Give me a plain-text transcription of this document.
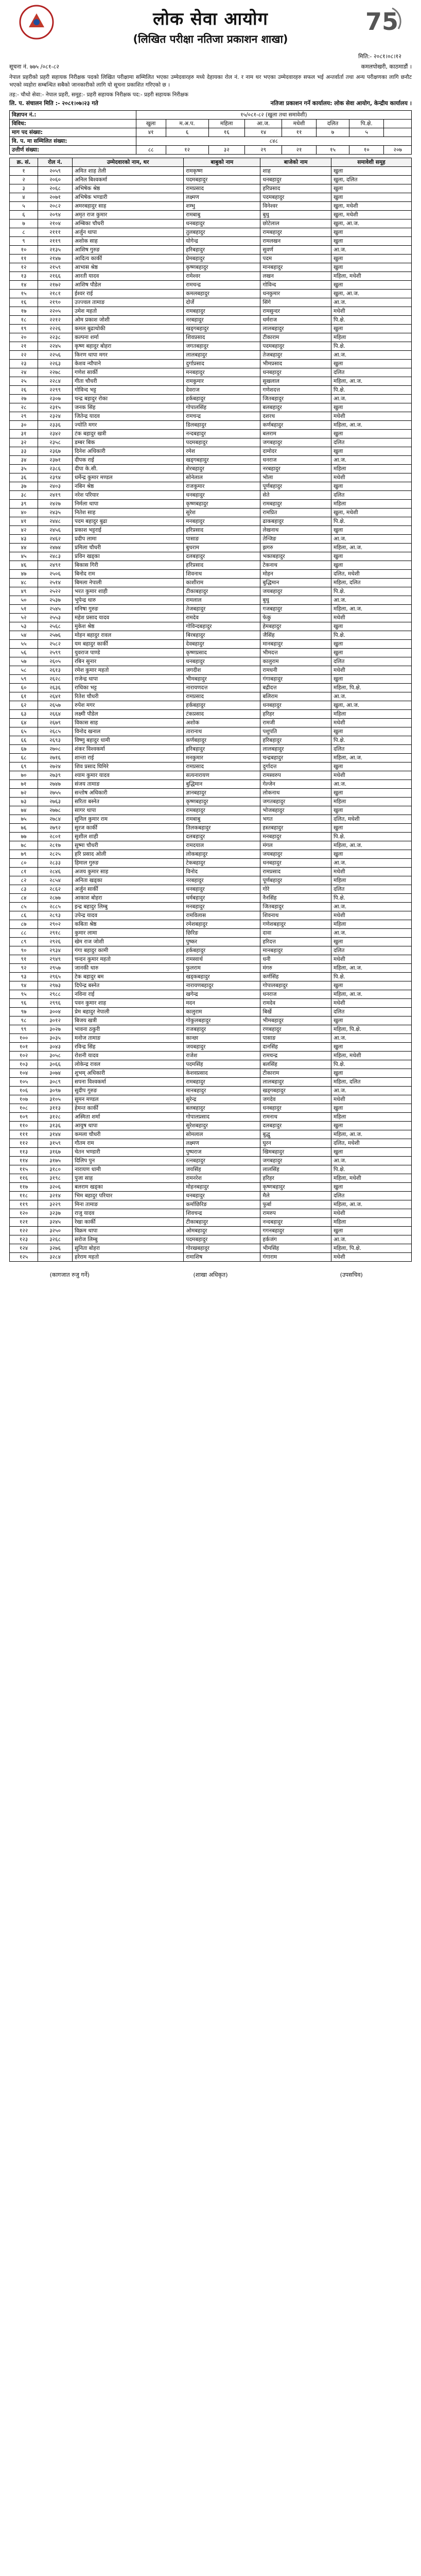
लोक सेवा आयोग

(लिखित परीक्षा नतिजा प्रकाशन शाखा)

75
मिति:- २०८१।०८।१२
सूचना नं. ७७५ /०८१-८२	कमलपोखरी, काठमाडौं ।

नेपाल प्रहरीको प्रहरी सहायक निरीक्षक पदको लिखित परीक्षामा सम्मिलित भएका उम्मेदवारहरु मध्ये देहायका रोल नं. र नाम थर भएका उम्मेदवारहरु सफल भई अन्तर्वार्ता तथा अन्य परीक्षणका लागि छनौट भएको व्यहोरा सम्बन्धित सबैको जानकारीको लागि यो सूचना प्रकाशित गरिएको छ ।

तह:- चौथो सेवा:- नेपाल प्रहरी, समूह:- प्रहरी सहायक निरीक्षक पद:- प्रहरी सहायक निरीक्षक

लि. प. संचालन मिति :- २०८१।०७।२३ गते	नतिजा प्रकाशन गर्ने कार्यालय: लोक सेवा आयोग, केन्द्रीय कार्यालय ।
विज्ञापन नं.:	१५/०८१-८२ (खुला तथा समावेशी)							
विविध:	खुला	म.अ.प.	महिला	आ.ज.	मधेशी	दलित	पि.क्षे.	
माग पद संख्या:	४१	६	१६	१४	११	७	५	
वि. प. मा सम्मिलित संख्या:	८४८							
उत्तीर्ण संख्या:	८८	१२	३२	२९	२१	१५	१०	२०७
क्र. सं.	रोल नं.	उम्मेदवारको नाम, थर	बाबुको नाम	बाजेको नाम	समावेशी समूह
१	२०५९	अमित शाह तेली	रामकृष्ण	शाह	खुला
२	२०६०	अनिल बिश्वकर्मा	पदमबहादुर	धनबहादुर	खुला, दलित
३	२०६८	अभिषेक श्रेष्ठ	रामप्रसाद	हरिप्रसाद	खुला
४	२०७१	अभिषेक भण्डारी	लक्ष्मण	पदमबहादुर	खुला
५	२०८२	अमरबहादुर साह	शम्भु	विनेश्वर	खुला, मधेशी
६	२०९४	अमृत राज कुमार	रामबाबु	बुधु	खुला, मधेशी
७	२१०४	अम्बिका चौधरी	धनबहादुर	छोटेलाल	खुला, आ.ज.
८	२१११	अर्जुन थापा	तुलबहादुर	रामबहादुर	खुला
९	२११९	अशोक साह	योगेन्द्र	रामलखन	खुला
१०	२१३५	आशिष गुरुङ	हरिबहादुर	सुवर्ण	आ.ज.
११	२१४७	आदित्य कार्की	प्रेमबहादुर	पदम	खुला
१२	२१५९	आभास श्रेष्ठ	कृष्णबहादुर	मानबहादुर	खुला
१३	२१६६	आरती यादव	रामेश्वर	लखन	महिला, मधेशी
१४	२१७२	आशिष पौडेल	रामचन्द्र	गोविन्द	खुला
१५	२१८१	ईश्वर राई	कमलबहादुर	धनकुमार	खुला, आ.ज.
१६	२१९०	उज्ज्वल तामाङ	दोर्जे	सिंगे	आ.ज.
१७	२२०५	उमेश महतो	रामबहादुर	रामसुन्दर	मधेशी
१८	२२१२	ओम प्रकाश जोशी	नरबहादुर	धर्मराज	पि.क्षे.
१९	२२२६	कमल बुढाथोकी	खड्गबहादुर	लालबहादुर	खुला
२०	२२३८	कल्पना शर्मा	शिवप्रसाद	टीकाराम	महिला
२१	२२४५	कृष्ण बहादुर बोहरा	जगतबहादुर	पदमबहादुर	पि.क्षे.
२२	२२५६	किरण थापा मगर	लालबहादुर	तेजबहादुर	आ.ज.
२३	२२६३	केशव न्यौपाने	दुर्गाप्रसाद	भीमप्रसाद	खुला
२४	२२७८	गणेश सार्की	मनबहादुर	धनबहादुर	दलित
२५	२२८४	गीता चौधरी	रामकुमार	सुखलाल	महिला, आ.ज.
२६	२२९९	गोविन्द भट्ट	देवराज	गणेशदत्त	पि.क्षे.
२७	२३०७	चन्द्र बहादुर रोका	हर्कबहादुर	जितबहादुर	आ.ज.
२८	२३१५	जनक सिंह	गोपालसिंह	बलबहादुर	खुला
२९	२३२४	जितेन्द्र यादव	रामचन्द्र	दशरथ	मधेशी
३०	२३३६	ज्योति मगर	डिलबहादुर	कर्णबहादुर	महिला, आ.ज.
३१	२३४२	टंक बहादुर खत्री	नन्दबहादुर	बलराम	खुला
३२	२३५८	डम्बर बिक	पदमबहादुर	जगबहादुर	दलित
३३	२३६७	दिनेश अधिकारी	रमेश	दामोदर	खुला
३४	२३७१	दीपक राई	खड्गबहादुर	धनराज	आ.ज.
३५	२३८६	दीपा के.सी.	शेरबहादुर	नरबहादुर	महिला
३६	२३९४	धर्मेन्द्र कुमार मण्डल	सोनेलाल	भोला	मधेशी
३७	२४०३	नबिन श्रेष्ठ	राजकुमार	पूर्णबहादुर	खुला
३८	२४१९	नरेश परियार	धनबहादुर	सेते	दलित
३९	२४२७	निर्मला थापा	कृष्णबहादुर	रामबहादुर	महिला
४०	२४३५	नितेश साह	सुरेश	रामप्रित	खुला, मधेशी
४१	२४४८	पदम बहादुर बुढा	मनबहादुर	ढाकबहादुर	पि.क्षे.
४२	२४५६	प्रकाश भट्टराई	हरिप्रसाद	लेखनाथ	खुला
४३	२४६२	प्रदीप लामा	पासाङ	तेन्जिङ	आ.ज.
४४	२४७४	प्रमिला चौधरी	बुधराम	झगरु	महिला, आ.ज.
४५	२४८३	प्रविन खड्का	दलबहादुर	भक्तबहादुर	खुला
४६	२४९१	बिकास गिरी	हरिप्रसाद	टेकनाथ	खुला
४७	२५०६	बिनोद राम	शिवनाथ	मोहन	दलित, मधेशी
४८	२५१४	बिमला नेपाली	काशीराम	बुद्धिमान	महिला, दलित
४९	२५२२	भरत कुमार शाही	टीकाबहादुर	जयबहादुर	पि.क्षे.
५०	२५३७	भुपेन्द्र थारु	रामलाल	बुधु	आ.ज.
५१	२५४५	मनिषा गुरुङ	तेजबहादुर	गजबहादुर	महिला, आ.ज.
५२	२५५३	महेश प्रसाद यादव	रामदेव	फेकु	मधेशी
५३	२५६८	मुकेश श्रेष्ठ	गोविन्दबहादुर	हेमबहादुर	खुला
५४	२५७६	मोहन बहादुर रावल	बिरबहादुर	जैसिंह	पि.क्षे.
५५	२५८२	यम बहादुर कार्की	देवबहादुर	मानबहादुर	खुला
५६	२५९९	युवराज पाण्डे	कृष्णप्रसाद	भीमदत्त	खुला
५७	२६०५	रबिन सुनार	धनबहादुर	कालुराम	दलित
५८	२६१३	रमेश कुमार महतो	जगदीश	रामधनी	मधेशी
५९	२६२८	राजेन्द्र थापा	भीमबहादुर	गंगाबहादुर	खुला
६०	२६३६	राधिका भट्ट	नारायणदत्त	बद्रीदत्त	महिला, पि.क्षे.
६१	२६४१	रितेश चौधरी	रामप्रसाद	बलिराम	आ.ज.
६२	२६५७	रुपेश मगर	हर्कबहादुर	धनबहादुर	खुला, आ.ज.
६३	२६६४	लक्ष्मी पौडेल	टंकप्रसाद	हरिहर	महिला
६४	२६७९	विकास साह	अशोक	रामजी	मधेशी
६५	२६८५	विनोद खनाल	तारानाथ	पशुपति	खुला
६६	२६९३	विष्णु बहादुर धामी	कर्णबहादुर	हरिबहादुर	पि.क्षे.
६७	२७०८	शंकर विश्वकर्मा	हरिबहादुर	लालबहादुर	दलित
६८	२७१६	शान्ता राई	मनकुमार	चन्द्रबहादुर	महिला, आ.ज.
६९	२७२४	शिव प्रसाद घिमिरे	रामप्रसाद	दुर्गादत्त	खुला
७०	२७३९	श्याम कुमार यादव	सत्यनारायण	रामस्वरुप	मधेशी
७१	२७४७	संजय तामाङ	बुद्धिमान	गेल्जेन	आ.ज.
७२	२७५५	सन्तोष अधिकारी	ज्ञानबहादुर	लोकनाथ	खुला
७३	२७६३	सरिता बस्नेत	कृष्णबहादुर	जगतबहादुर	महिला
७४	२७७८	सागर थापा	रामबहादुर	भोजबहादुर	खुला
७५	२७८४	सुनिल कुमार राम	रामबाबु	भगत	दलित, मधेशी
७६	२७९२	सुरज कार्की	तिलकबहादुर	हस्तबहादुर	खुला
७७	२८०१	सुशील शाही	दलबहादुर	मनबहादुर	पि.क्षे.
७८	२८१७	सुष्मा चौधरी	रामदयाल	मंगल	महिला, आ.ज.
७९	२८२५	हरि प्रसाद ओली	लोकबहादुर	जयबहादुर	खुला
८०	२८३३	हिमाल गुरुङ	टेकबहादुर	धनबहादुर	आ.ज.
८१	२८४६	अजय कुमार साह	विनोद	रामप्रसाद	मधेशी
८२	२८५४	अनिता खड्का	नरबहादुर	पूर्णबहादुर	महिला
८३	२८६२	अर्जुन सार्की	धनबहादुर	गोरे	दलित
८४	२८७७	आकाश बोहरा	धर्मबहादुर	नैनसिंह	पि.क्षे.
८५	२८८५	इन्द्र बहादुर लिम्बु	मनबहादुर	जितबहादुर	आ.ज.
८६	२८९३	उपेन्द्र यादव	रामविलास	शिवनाथ	मधेशी
८७	२९०२	कबिता श्रेष्ठ	रमेशबहादुर	गणेशबहादुर	महिला
८८	२९१८	कुमार लामा	छिरिङ	दावा	आ.ज.
८९	२९२६	खेम राज जोशी	पुष्कर	हरिदत्त	खुला
९०	२९३४	गंगा बहादुर कामी	हर्कबहादुर	मानबहादुर	दलित
९१	२९४९	चन्दन कुमार महतो	रामस्वार्थ	धनी	मधेशी
९२	२९५७	जानकी थारु	फुलराम	मंगरु	महिला, आ.ज.
९३	२९६५	टेक बहादुर बम	खड्कबहादुर	कर्णसिंह	पि.क्षे.
९४	२९७३	दिपेन्द्र बस्नेत	नारायणबहादुर	गोपालबहादुर	खुला
९५	२९८८	नविना राई	खगेन्द्र	धनराज	महिला, आ.ज.
९६	२९९६	पवन कुमार शाह	मदन	रामदेव	मधेशी
९७	३००४	प्रेम बहादुर नेपाली	कालुराम	बिर्खे	दलित
९८	३०१२	बिजय खत्री	गोकुलबहादुर	भीमबहादुर	खुला
९९	३०२७	भावना ठकुरी	राजबहादुर	रणबहादुर	महिला, पि.क्षे.
१००	३०३५	मनोज तामाङ	कान्छा	पासाङ	आ.ज.
१०१	३०४३	रविन्द्र सिंह	जयबहादुर	दानसिंह	खुला
१०२	३०५८	रोशनी यादव	राजेश	रामचन्द्र	महिला, मधेशी
१०३	३०६६	लोकेन्द्र रावल	पदमसिंह	बलसिंह	पि.क्षे.
१०४	३०७४	शुभम् अधिकारी	केशवप्रसाद	टीकाराम	खुला
१०५	३०८९	सपना विश्वकर्मा	रामबहादुर	लालबहादुर	महिला, दलित
१०६	३०९७	सुदीप गुरुङ	मानबहादुर	खड्गबहादुर	आ.ज.
१०७	३१०५	सुमन मण्डल	सुरेन्द्र	जगदेव	मधेशी
१०८	३११३	हेमन्त कार्की	बलबहादुर	धनबहादुर	खुला
१०९	३१२८	अस्मिता शर्मा	गोपालप्रसाद	रामनाथ	महिला
११०	३१३६	आयुष थापा	सुरेशबहादुर	दलबहादुर	खुला
१११	३१४४	कमला चौधरी	सोमलाल	बुद्धु	महिला, आ.ज.
११२	३१५९	गौतम राम	लक्ष्मण	घुरन	दलित, मधेशी
११३	३१६७	चेतन भण्डारी	पुष्पराज	खिमबहादुर	खुला
११४	३१७५	दिलिप पुन	रत्नबहादुर	जगबहादुर	आ.ज.
११५	३१८०	नारायण धामी	जयसिंह	लालसिंह	पि.क्षे.
११६	३१९८	पुजा साह	रामनरेश	हरिहर	महिला, मधेशी
११७	३२०६	बलराम खड्का	मोहनबहादुर	कृष्णबहादुर	खुला
११८	३२१४	भिम बहादुर परियार	धनबहादुर	मैले	दलित
११९	३२२९	मिना तामाङ	कर्माछिरिङ	फुर्बा	महिला, आ.ज.
१२०	३२३७	राजु यादव	शिवचन्द्र	रामरुप	मधेशी
१२१	३२४५	रेखा कार्की	टीकाबहादुर	नन्दबहादुर	महिला
१२२	३२५०	विक्रम थापा	ओमबहादुर	गगनबहादुर	खुला
१२३	३२६८	सरोज लिम्बु	पदमबहादुर	हर्कजंग	आ.ज.
१२४	३२७६	सुनिता बोहरा	गोरखबहादुर	भीमसिंह	महिला, पि.क्षे.
१२५	३२८४	हरेराम महतो	रामाशिष	गंगाराम	मधेशी
(कागजात रुजु गर्ने)	(शाखा अधिकृत)	(उपसचिव)
